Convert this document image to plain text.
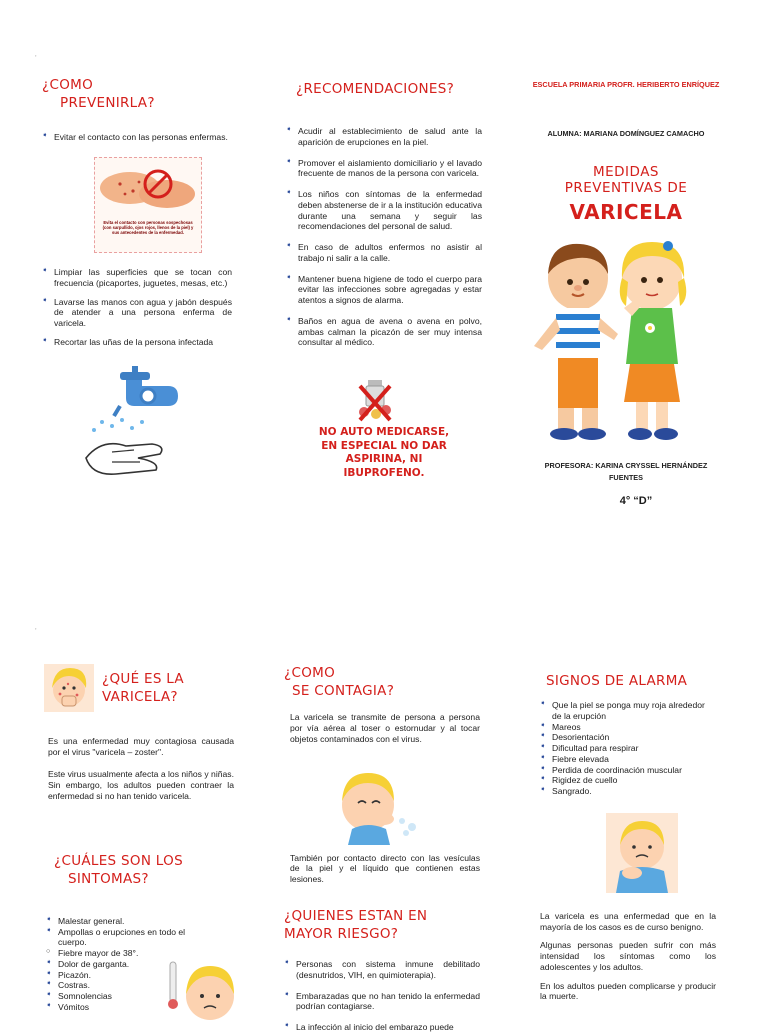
,
,
¿COMO
PREVENIRLA?
➧ Evitar el contacto con las personas enfermas.
Evita el contacto con personas sospechosas (con sarpullido, ojos rojos, llenos de la piel) y sus antecedentes de la enfermedad.
➧ Limpiar las superficies que se tocan con frecuencia (picaportes, juguetes, mesas, etc.)
➧ Lavarse las manos con agua y jabón después de atender a una persona enferma de varicela.
➧ Recortar las uñas de la persona infectada
¿RECOMENDACIONES?
➧ Acudir al establecimiento de salud ante la aparición de erupciones en la piel.
➧ Promover el aislamiento domiciliario y el lavado frecuente de manos de la persona con varicela.
➧ Los niños con síntomas de la enfermedad deben abstenerse de ir a la institución educativa durante una semana y seguir las recomendaciones del personal de salud.
➧ En caso de adultos enfermos no asistir al trabajo ni salir a la calle.
➧ Mantener buena higiene de todo el cuerpo para evitar las infecciones sobre agregadas y estar atentos a signos de alarma.
➧ Baños en agua de avena o avena en polvo, ambas calman la picazón de ser muy intensa consultar al médico.
NO AUTO MEDICARSE,
EN ESPECIAL NO DAR
ASPIRINA, NI
IBUPROFENO.
ESCUELA PRIMARIA PROFR. HERIBERTO ENRÍQUEZ
ALUMNA: MARIANA DOMÍNGUEZ CAMACHO
MEDIDAS
PREVENTIVAS DE
VARICELA
PROFESORA: KARINA CRYSSEL HERNÁNDEZ
FUENTES
4° “D”
¿QUÉ ES LA
VARICELA?

Es una enfermedad muy contagiosa causada por el virus "varicela – zoster".

Este virus usualmente afecta a los niños y niñas. Sin embargo, los adultos pueden contraer la enfermedad si no han tenido varicela.

¿CUÁLES SON LOS
SINTOMAS?
➧ Malestar general.
➧ Ampollas o erupciones en todo el cuerpo.
○ Fiebre mayor de 38°.
➧ Dolor de garganta.
➧ Picazón.
➧ Costras.
➧ Somnolencias
➧ Vómitos
¿COMO
SE CONTAGIA?

La varicela se transmite de persona a persona por vía aérea al toser o estornudar y al tocar objetos contaminados con el virus.

También por contacto directo con las vesículas de la piel y el líquido que contienen estas lesiones.

¿QUIENES ESTAN EN
MAYOR RIESGO?
➧ Personas con sistema inmune debilitado (desnutridos, VIH, en quimioterapia).
➧ Embarazadas que no han tenido la enfermedad podrían contagiarse.
➧ La infección al inicio del embarazo puede
SIGNOS DE ALARMA
➧ Que la piel se ponga muy roja alrededor de la erupción
➧ Mareos
➧ Desorientación
➧ Dificultad para respirar
➧ Fiebre elevada
➧ Perdida de coordinación muscular
➧ Rigidez de cuello
➧ Sangrado.

La varicela es una enfermedad que en la mayoría de los casos es de curso benigno.

Algunas personas pueden sufrir con más intensidad los síntomas como los adolescentes y los adultos.

En los adultos pueden complicarse y producir la muerte.
